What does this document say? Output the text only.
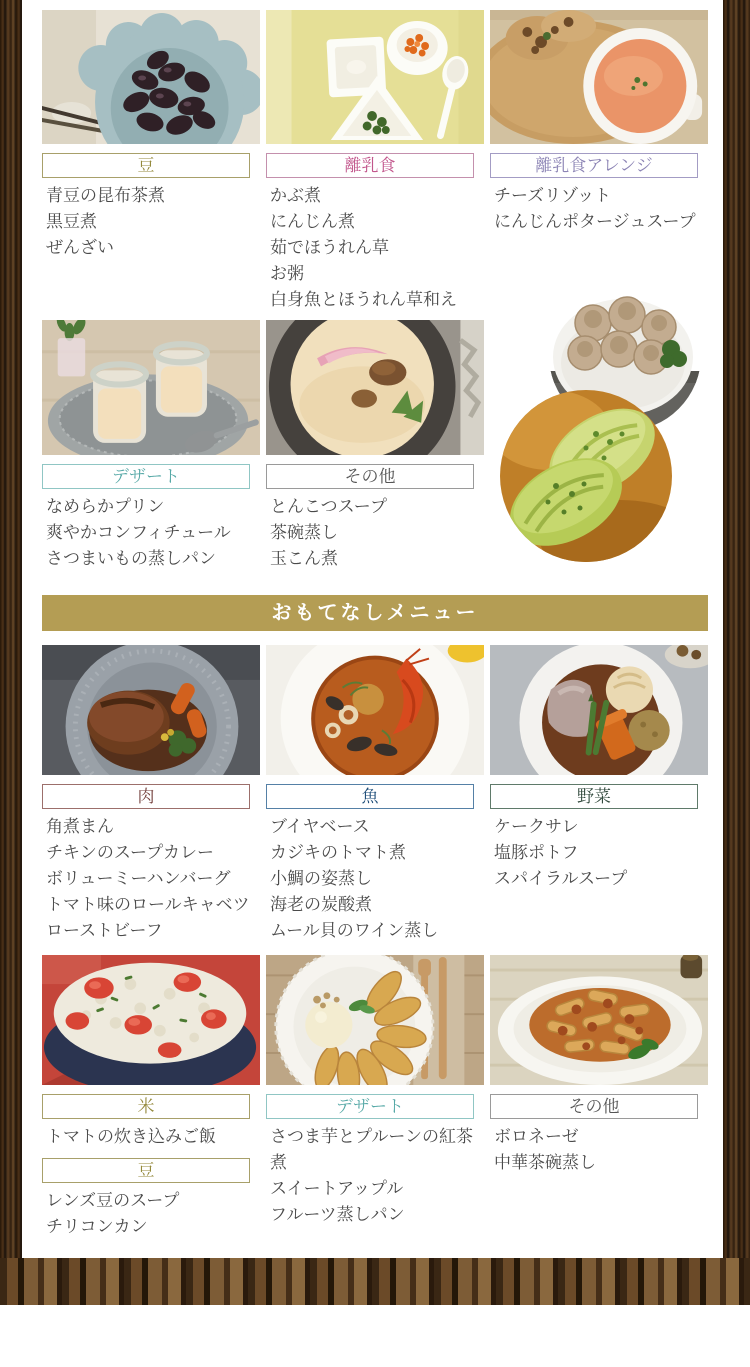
豆
青豆の昆布茶煮
黒豆煮
ぜんざい
離乳食
かぶ煮
にんじん煮
茹でほうれん草
お粥
白身魚とほうれん草和え
離乳食アレンジ
チーズリゾット
にんじんポタージュスープ
デザート
なめらかプリン
爽やかコンフィチュール
さつまいもの蒸しパン
その他
とんこつスープ
茶碗蒸し
玉こん煮
おもてなしメニュー
肉
角煮まん
チキンのスープカレー
ボリューミーハンバーグ
トマト味のロールキャベツ
ローストビーフ
魚
ブイヤベース
カジキのトマト煮
小鯛の姿蒸し
海老の炭酸煮
ムール貝のワイン蒸し
野菜
ケークサレ
塩豚ポトフ
スパイラルスープ
米
トマトの炊き込みご飯
豆
レンズ豆のスープ
チリコンカン
デザート
さつま芋とプルーンの紅茶煮
スイートアップル
フルーツ蒸しパン
その他
ボロネーゼ
中華茶碗蒸し
